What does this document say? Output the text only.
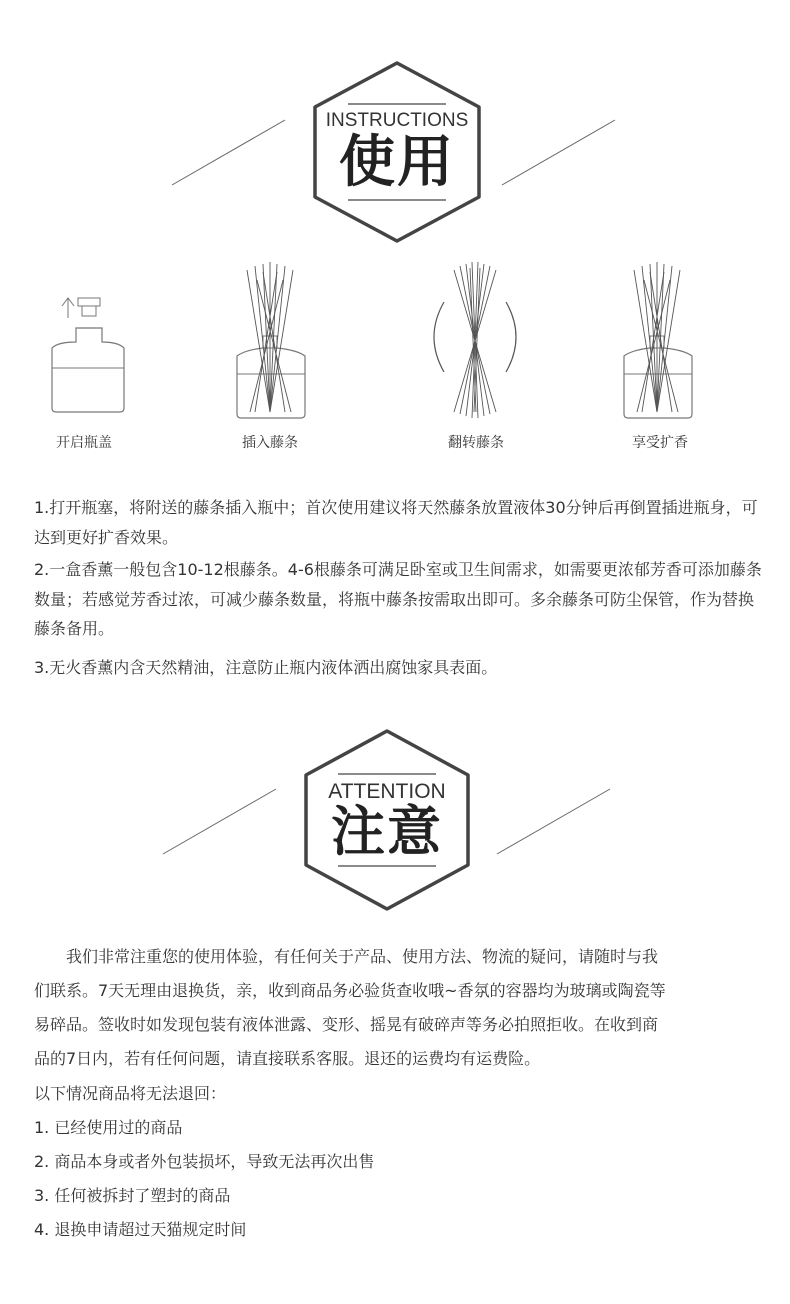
INSTRUCTIONS
使用
开启瓶盖	插入藤条	翻转藤条	享受扩香

1.打开瓶塞，将附送的藤条插入瓶中；首次使用建议将天然藤条放置液体30分钟后再倒置插进瓶身，可达到更好扩香效果。

2.一盒香薰一般包含10-12根藤条。4-6根藤条可满足卧室或卫生间需求，如需要更浓郁芳香可添加藤条数量；若感觉芳香过浓，可减少藤条数量，将瓶中藤条按需取出即可。多余藤条可防尘保管，作为替换藤条备用。

3.无火香薰内含天然精油，注意防止瓶内液体洒出腐蚀家具表面。

ATTENTION
注意
我们非常注重您的使用体验，有任何关于产品、使用方法、物流的疑问，请随时与我
们联系。7天无理由退换货，亲，收到商品务必验货查收哦~香氛的容器均为玻璃或陶瓷等
易碎品。签收时如发现包装有液体泄露、变形、摇晃有破碎声等务必拍照拒收。在收到商
品的7日内，若有任何问题，请直接联系客服。退还的运费均有运费险。
以下情况商品将无法退回：
1. 已经使用过的商品
2. 商品本身或者外包装损坏，导致无法再次出售
3. 任何被拆封了塑封的商品
4. 退换申请超过天猫规定时间
